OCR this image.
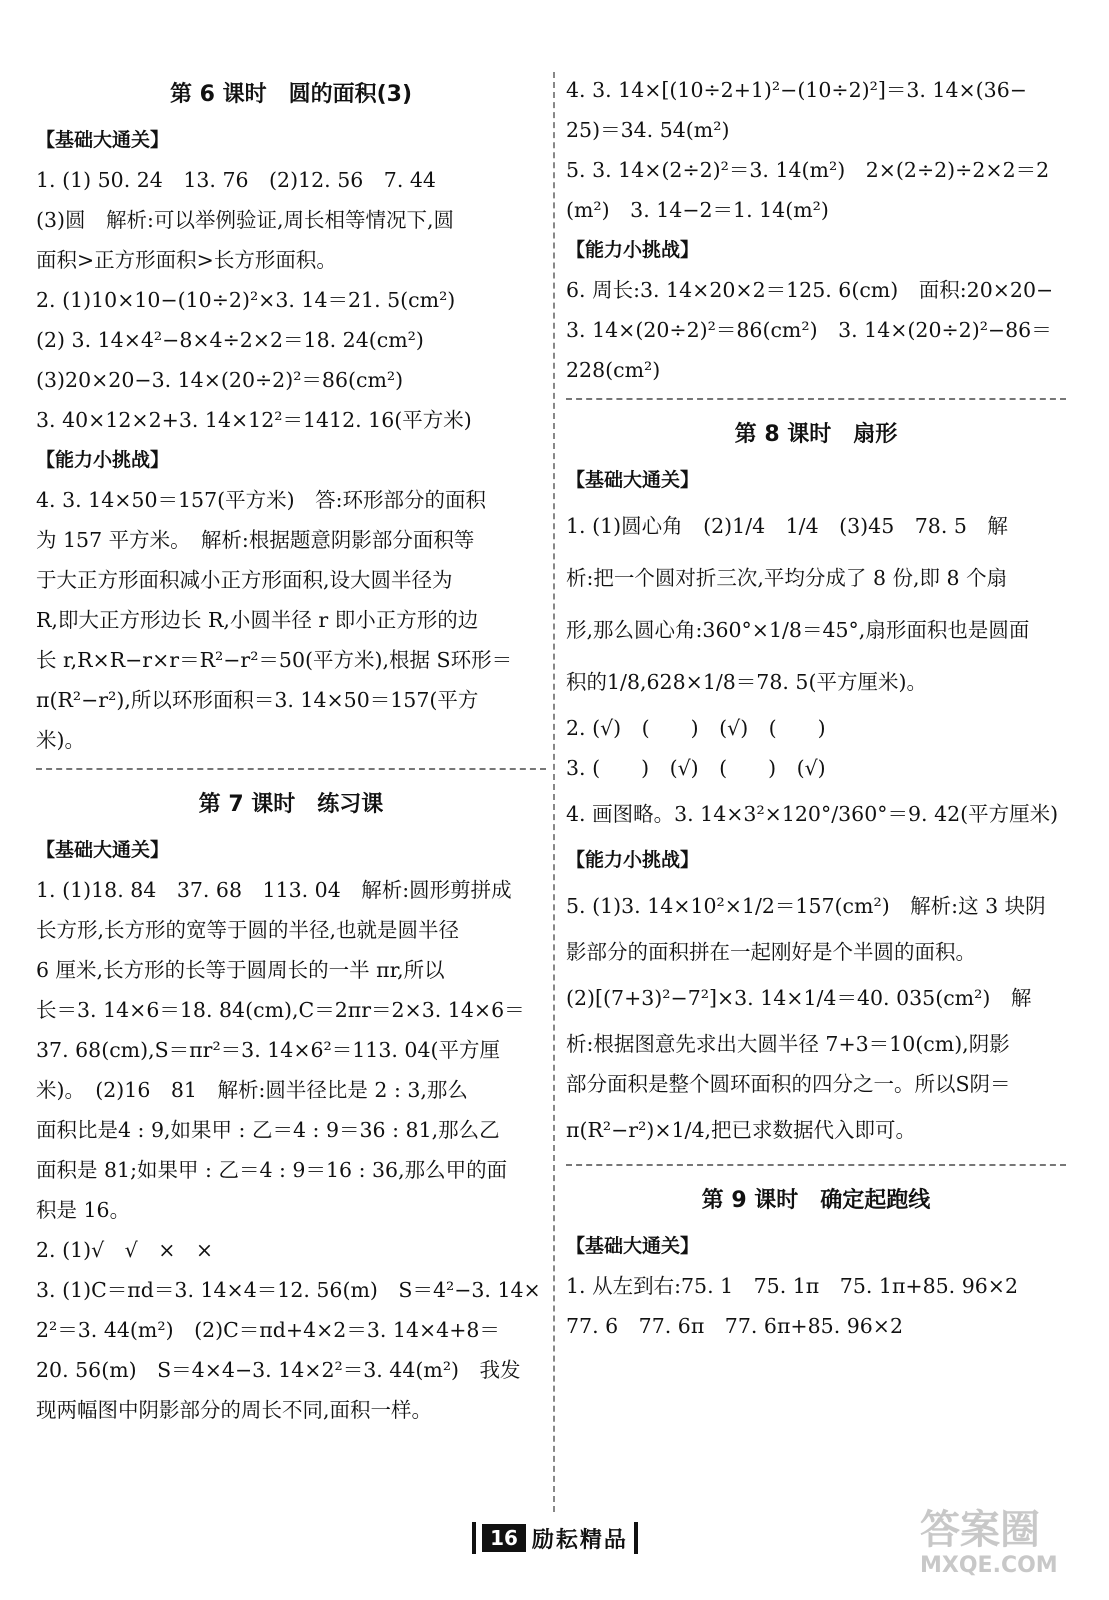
第 6 课时　圆的面积(3)
【基础大通关】
1. (1) 50. 24　13. 76　(2)12. 56　7. 44
(3)圆　解析:可以举例验证,周长相等情况下,圆
面积>正方形面积>长方形面积。
2. (1)10×10−(10÷2)²×3. 14＝21. 5(cm²)
(2) 3. 14×4²−8×4÷2×2＝18. 24(cm²)
(3)20×20−3. 14×(20÷2)²＝86(cm²)
3. 40×12×2+3. 14×12²＝1412. 16(平方米)
【能力小挑战】
4. 3. 14×50＝157(平方米)　答:环形部分的面积
为 157 平方米。　解析:根据题意阴影部分面积等
于大正方形面积减小正方形面积,设大圆半径为
R,即大正方形边长 R,小圆半径 r 即小正方形的边
长 r,R×R−r×r＝R²−r²＝50(平方米),根据 S环形＝
π(R²−r²),所以环形面积＝3. 14×50＝157(平方
米)。
第 7 课时　练习课
【基础大通关】
1. (1)18. 84　37. 68　113. 04　解析:圆形剪拼成
长方形,长方形的宽等于圆的半径,也就是圆半径
6 厘米,长方形的长等于圆周长的一半 πr,所以
长＝3. 14×6＝18. 84(cm),C＝2πr＝2×3. 14×6＝
37. 68(cm),S＝πr²＝3. 14×6²＝113. 04(平方厘
米)。　(2)16　81　解析:圆半径比是 2 : 3,那么
面积比是4 : 9,如果甲 : 乙＝4 : 9＝36 : 81,那么乙
面积是 81;如果甲 : 乙＝4 : 9＝16 : 36,那么甲的面
积是 16。
2. (1)√　√　×　×
3. (1)C＝πd＝3. 14×4＝12. 56(m)　S＝4²−3. 14×
2²＝3. 44(m²)　(2)C＝πd+4×2＝3. 14×4+8＝
20. 56(m)　S＝4×4−3. 14×2²＝3. 44(m²)　我发
现两幅图中阴影部分的周长不同,面积一样。
4. 3. 14×[(10÷2+1)²−(10÷2)²]＝3. 14×(36−
25)＝34. 54(m²)
5. 3. 14×(2÷2)²＝3. 14(m²)　2×(2÷2)÷2×2＝2
(m²)　3. 14−2＝1. 14(m²)
【能力小挑战】
6. 周长:3. 14×20×2＝125. 6(cm)　面积:20×20−
3. 14×(20÷2)²＝86(cm²)　3. 14×(20÷2)²−86＝
228(cm²)
第 8 课时　扇形
【基础大通关】
1. (1)圆心角　(2)1/4　1/4　(3)45　78. 5　解
析:把一个圆对折三次,平均分成了 8 份,即 8 个扇
形,那么圆心角:360°×1/8＝45°,扇形面积也是圆面
积的1/8,628×1/8＝78. 5(平方厘米)。
2. (√)　(　　)　(√)　(　　)
3. (　　)　(√)　(　　)　(√)
4. 画图略。3. 14×3²×120°/360°＝9. 42(平方厘米)
【能力小挑战】
5. (1)3. 14×10²×1/2＝157(cm²)　解析:这 3 块阴
影部分的面积拼在一起刚好是个半圆的面积。
(2)[(7+3)²−7²]×3. 14×1/4＝40. 035(cm²)　解
析:根据图意先求出大圆半径 7+3＝10(cm),阴影
部分面积是整个圆环面积的四分之一。所以S阴＝
π(R²−r²)×1/4,把已求数据代入即可。
第 9 课时　确定起跑线
【基础大通关】
1. 从左到右:75. 1　75. 1π　75. 1π+85. 96×2
77. 6　77. 6π　77. 6π+85. 96×2
16 励耘精品	答案圈
MXQE.COM
